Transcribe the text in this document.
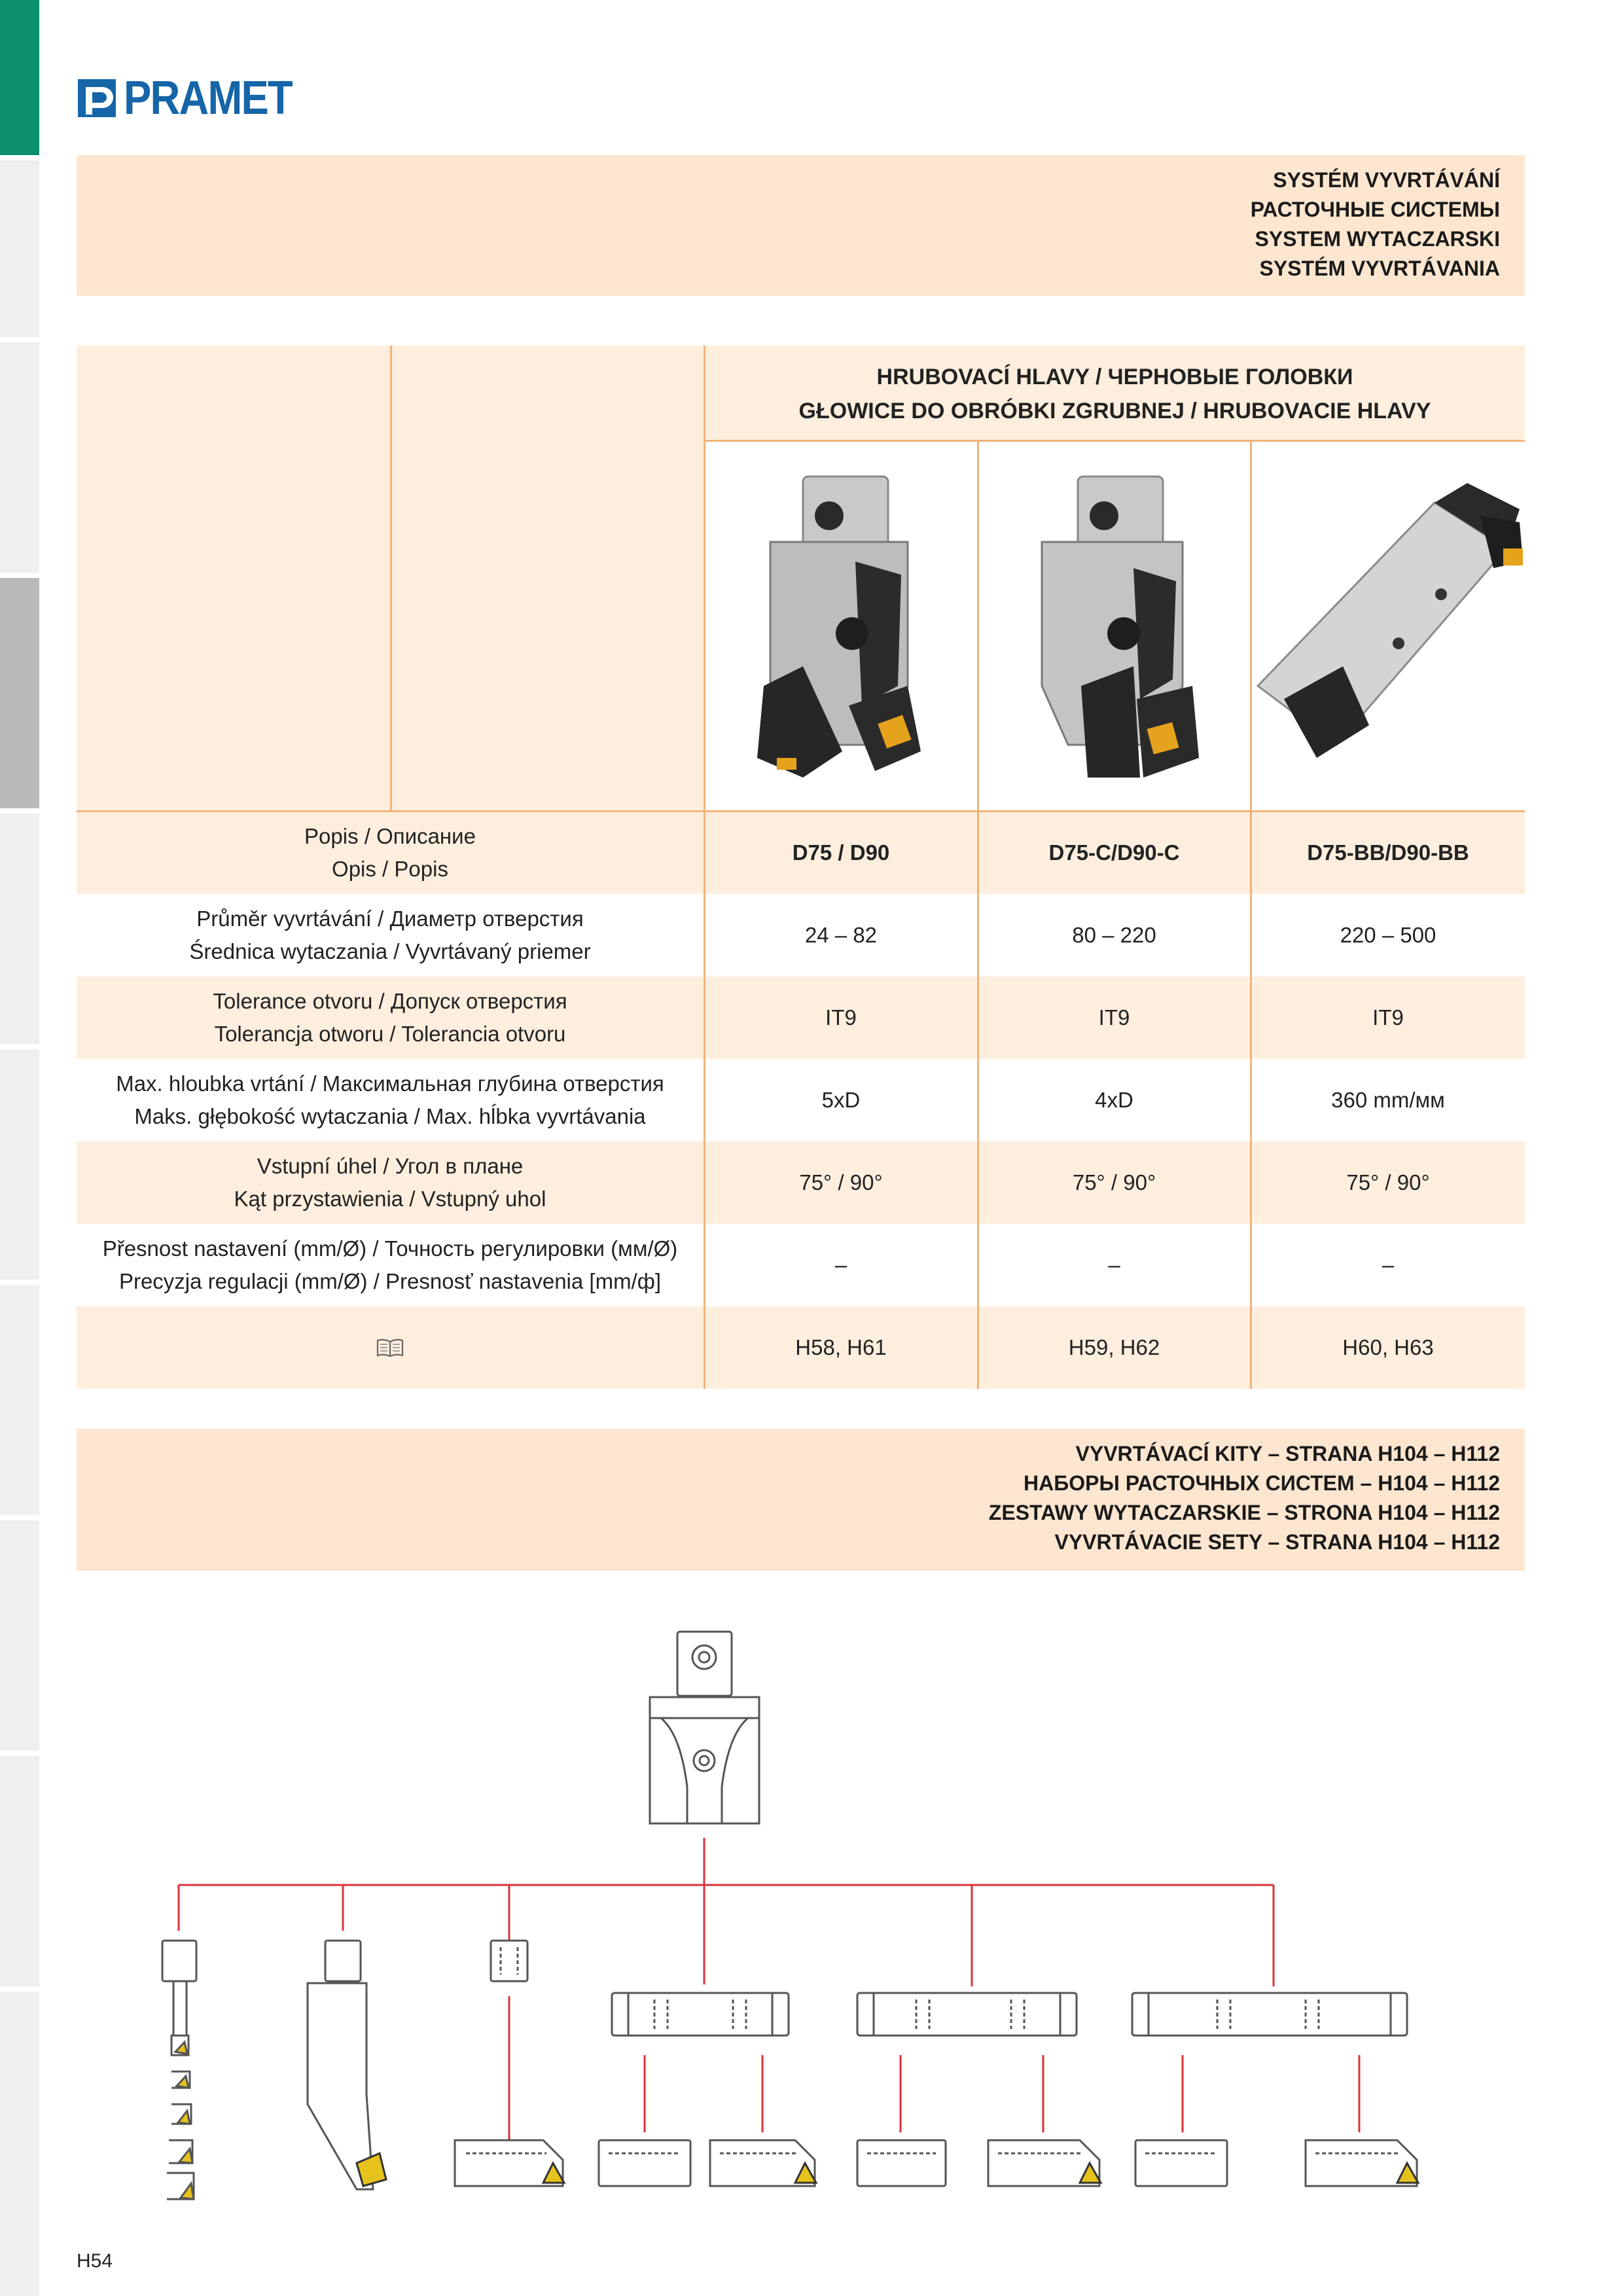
PRAMET
SYSTÉM VYVRTÁVÁNÍ
РАСТОЧНЫЕ СИСТЕМЫ
SYSTEM WYTACZARSKI
SYSTÉM VYVRTÁVANIA
HRUBOVACÍ HLAVY / ЧЕРНОВЫЕ ГОЛОВКИ
GŁOWICE DO OBRÓBKI ZGRUBNEJ / HRUBOVACIE HLAVY
Popis / Описание
Opis / Popis
D75 / D90	D75-C/D90-C	D75-BB/D90-BB
Průměr vyvrtávání / Диаметр отверстия
Średnica wytaczania / Vyvrtávaný priemer
24 – 82	80 – 220	220 – 500
Tolerance otvoru / Допуск отверстия
Tolerancja otworu / Tolerancia otvoru
IT9	IT9	IT9
Max. hloubka vrtání / Максимальная глубина отверстия
Maks. głębokość wytaczania / Max. hĺbka vyvrtávania
5xD	4xD	360 mm/мм
Vstupní úhel / Угол в плане
Kąt przystawienia / Vstupný uhol
75° / 90°	75° / 90°	75° / 90°
Přesnost nastavení (mm/Ø) / Точность регулировки (мм/Ø)
Precyzja regulacji (mm/Ø) / Presnosť nastavenia [mm/ф]
–	–	–
H58, H61	H59, H62	H60, H63
VYVRTÁVACÍ KITY – STRANA H104 – H112
НАБОРЫ РАСТОЧНЫХ СИСТЕМ – H104 – H112
ZESTAWY WYTACZARSKIE – STRONA H104 – H112
VYVRTÁVACIE SETY – STRANA H104 – H112
H54
